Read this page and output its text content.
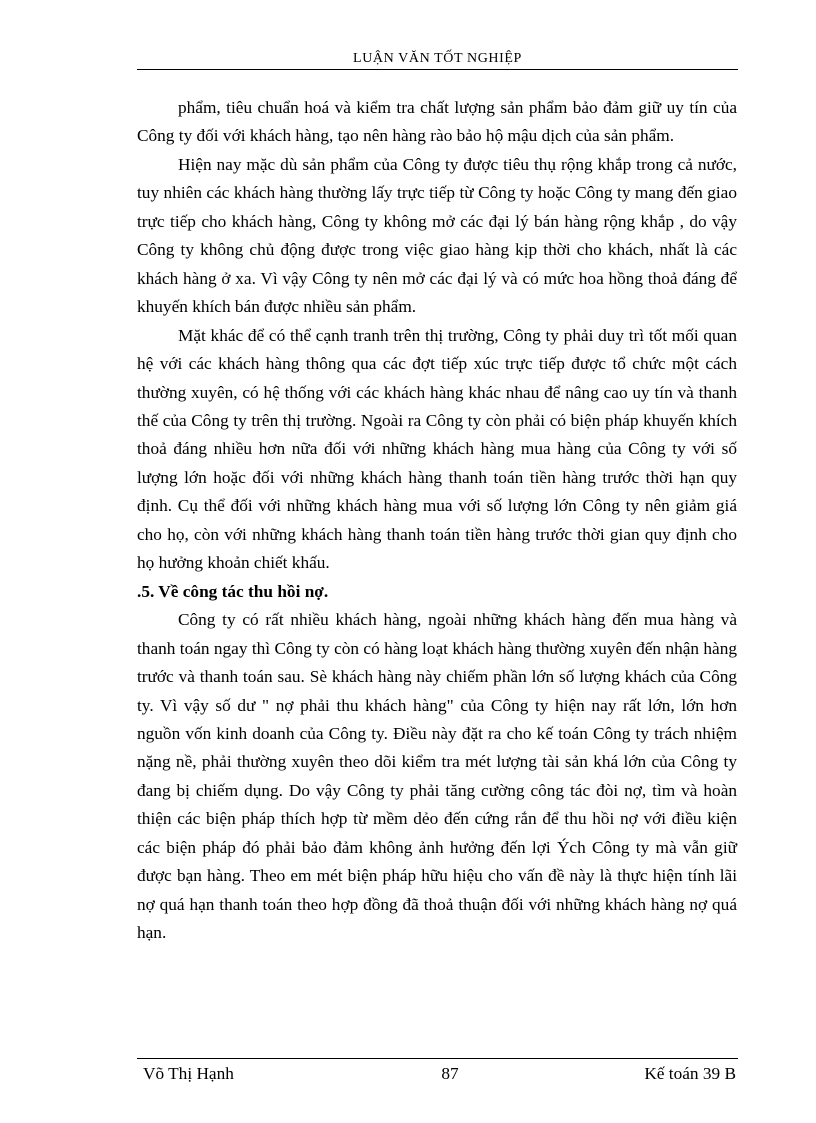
LUẬN VĂN TỐT NGHIỆP

phẩm, tiêu chuẩn hoá và kiểm tra chất lượng sản phẩm bảo đảm giữ uy tín của Công ty đối với khách hàng, tạo nên hàng rào bảo hộ mậu dịch của sản phẩm.

Hiện nay mặc dù sản phẩm của Công ty được tiêu thụ rộng khắp trong cả nước, tuy nhiên các khách hàng thường lấy trực tiếp từ Công ty hoặc Công ty mang đến giao trực tiếp cho khách hàng, Công ty không mở các đại lý bán hàng rộng khắp , do vậy Công ty không chủ động được trong việc giao hàng kịp thời cho khách, nhất là các khách hàng ở xa. Vì vậy Công ty nên mở các đại lý và có mức hoa hồng thoả đáng để khuyến khích bán được nhiều sản phẩm.

Mặt khác để có thể cạnh tranh trên thị trường, Công ty phải duy trì tốt mối quan hệ với các khách hàng thông qua các đợt tiếp xúc trực tiếp được tổ chức một cách thường xuyên, có hệ thống với các khách hàng khác nhau để nâng cao uy tín và thanh thế của Công ty trên thị trường. Ngoài ra Công ty còn phải có biện pháp khuyến khích thoả đáng nhiều hơn nữa đối với những khách hàng mua hàng của Công ty với số lượng lớn hoặc đối với những khách hàng thanh toán tiền hàng trước thời hạn quy định. Cụ thể đối với những khách hàng mua với số lượng lớn Công ty nên giảm giá cho họ, còn với những khách hàng thanh toán tiền hàng trước thời gian quy định cho họ hưởng khoản chiết khấu.

.5. Về công tác thu hồi nợ.

Công ty có rất nhiều khách hàng, ngoài những khách hàng đến mua hàng và thanh toán ngay thì Công ty còn có hàng loạt khách hàng thường xuyên đến nhận hàng trước và thanh toán sau. Sè khách hàng này chiếm phần lớn số lượng khách của Công ty. Vì vậy số dư " nợ phải thu khách hàng" của Công ty hiện nay rất lớn, lớn hơn nguồn vốn kinh doanh của Công ty. Điều này đặt ra cho kế toán Công ty trách nhiệm nặng nề, phải thường xuyên theo dõi kiểm tra mét lượng tài sản khá lớn của Công ty đang bị chiếm dụng. Do vậy Công ty phải tăng cường công tác đòi nợ, tìm và hoàn thiện các biện pháp thích hợp từ mềm dẻo đến cứng rắn để thu hồi nợ với điều kiện các biện pháp đó phải bảo đảm không ảnh hưởng đến lợi Ých Công ty mà vẫn giữ được bạn hàng. Theo em mét biện pháp hữu hiệu cho vấn đề này là thực hiện tính lãi nợ quá hạn thanh toán theo hợp đồng đã thoả thuận đối với những khách hàng nợ quá hạn.

Võ Thị Hạnh	87	Kế toán 39 B
